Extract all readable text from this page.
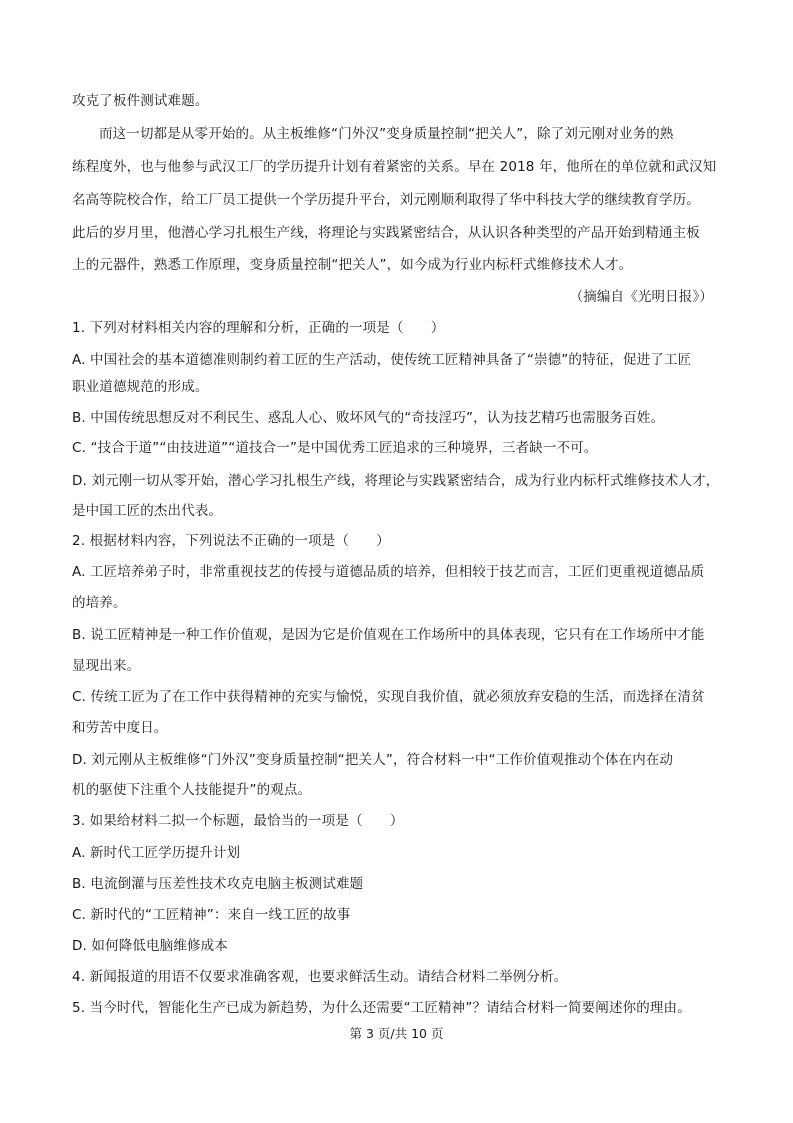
攻克了板件测试难题。
而这一切都是从零开始的。从主板维修“门外汉”变身质量控制“把关人”，除了刘元刚对业务的熟
练程度外，也与他参与武汉工厂的学历提升计划有着紧密的关系。早在 2018 年，他所在的单位就和武汉知
名高等院校合作，给工厂员工提供一个学历提升平台，刘元刚顺利取得了华中科技大学的继续教育学历。
此后的岁月里，他潜心学习扎根生产线，将理论与实践紧密结合，从认识各种类型的产品开始到精通主板
上的元器件，熟悉工作原理，变身质量控制“把关人”，如今成为行业内标杆式维修技术人才。
（摘编自《光明日报》）
1. 下列对材料相关内容的理解和分析，正确的一项是（　　）
A. 中国社会的基本道德准则制约着工匠的生产活动，使传统工匠精神具备了“崇德”的特征，促进了工匠
职业道德规范的形成。
B. 中国传统思想反对不利民生、惑乱人心、败坏风气的“奇技淫巧”，认为技艺精巧也需服务百姓。
C. “技合于道”“由技进道”“道技合一”是中国优秀工匠追求的三种境界，三者缺一不可。
D. 刘元刚一切从零开始，潜心学习扎根生产线，将理论与实践紧密结合，成为行业内标杆式维修技术人才，
是中国工匠的杰出代表。
2. 根据材料内容，下列说法不正确的一项是（　　）
A. 工匠培养弟子时，非常重视技艺的传授与道德品质的培养，但相较于技艺而言，工匠们更重视道德品质
的培养。
B. 说工匠精神是一种工作价值观，是因为它是价值观在工作场所中的具体表现，它只有在工作场所中才能
显现出来。
C. 传统工匠为了在工作中获得精神的充实与愉悦，实现自我价值，就必须放弃安稳的生活，而选择在清贫
和劳苦中度日。
D. 刘元刚从主板维修“门外汉”变身质量控制“把关人”，符合材料一中“工作价值观推动个体在内在动
机的驱使下注重个人技能提升”的观点。
3. 如果给材料二拟一个标题，最恰当的一项是（　　）
A. 新时代工匠学历提升计划
B. 电流倒灌与压差性技术攻克电脑主板测试难题
C. 新时代的“工匠精神”：来自一线工匠的故事
D. 如何降低电脑维修成本
4. 新闻报道的用语不仅要求准确客观，也要求鲜活生动。请结合材料二举例分析。
5. 当今时代，智能化生产已成为新趋势，为什么还需要“工匠精神”？请结合材料一简要阐述你的理由。
第 3 页/共 10 页
